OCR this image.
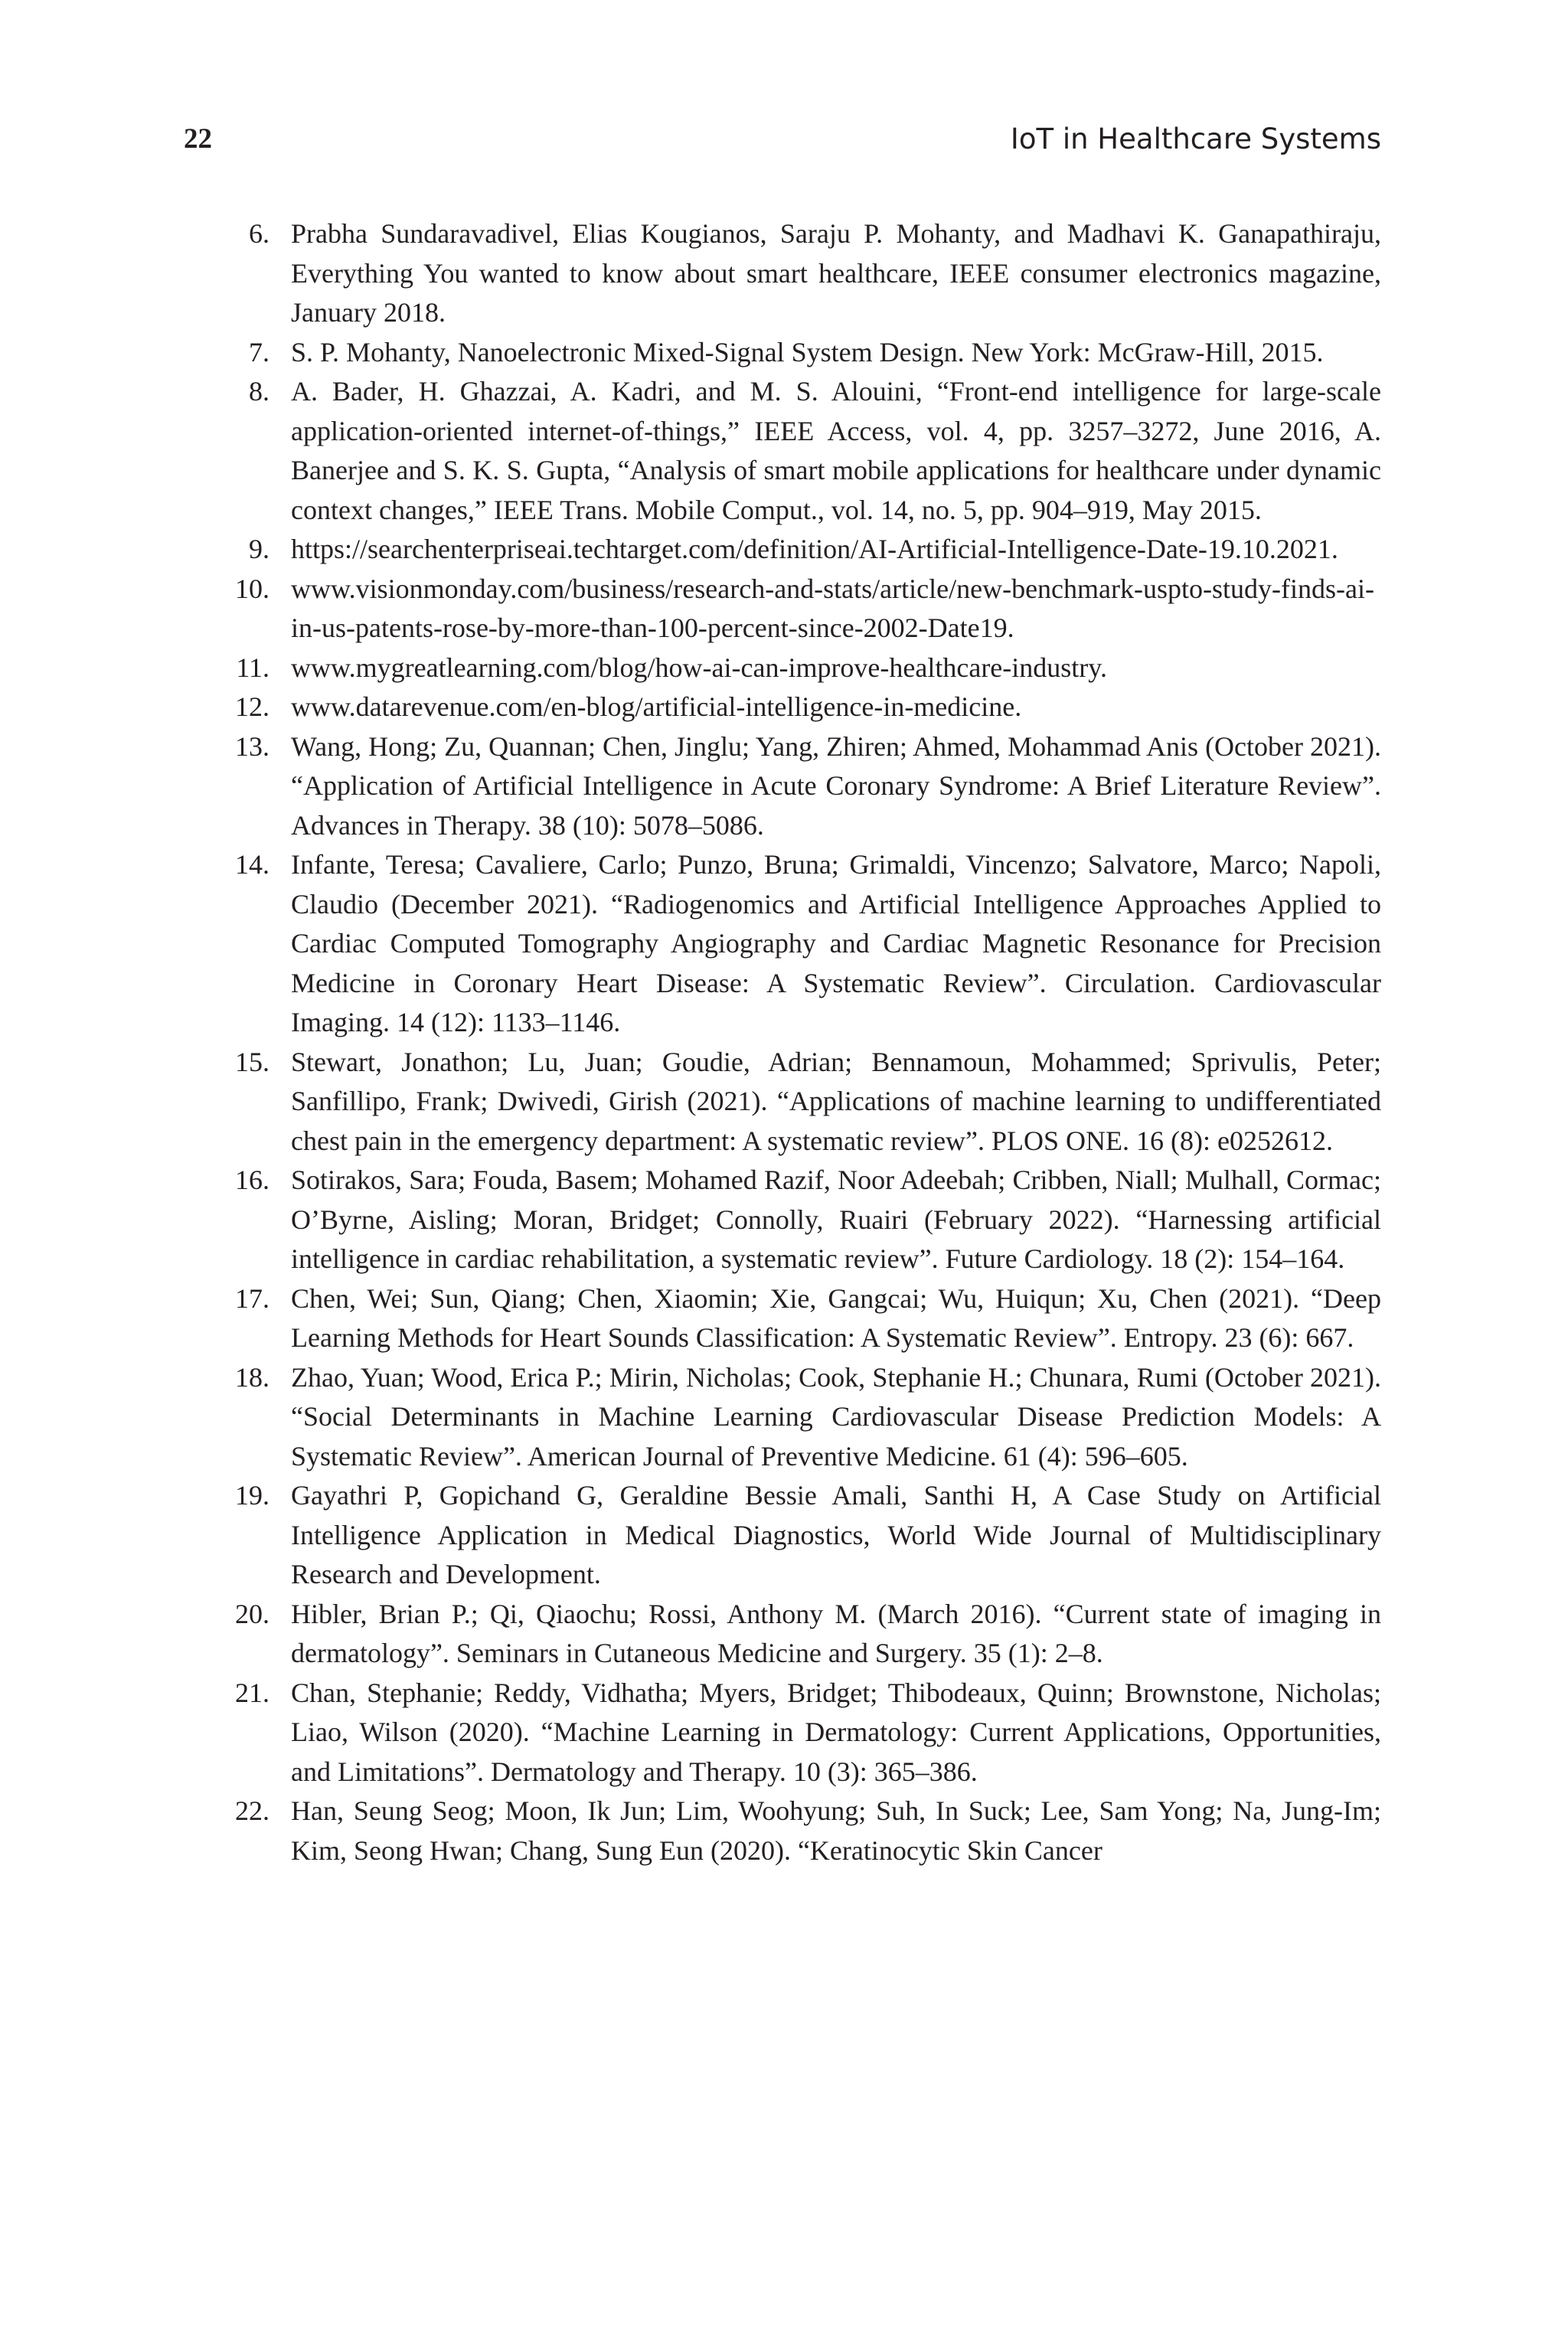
22	IoT in Healthcare Systems
6. Prabha Sundaravadivel, Elias Kougianos, Saraju P. Mohanty, and Madhavi K. Ganapathiraju, Everything You wanted to know about smart healthcare, IEEE consumer electronics magazine, January 2018.
7. S. P. Mohanty, Nanoelectronic Mixed-Signal System Design. New York: McGraw-Hill, 2015.
8. A. Bader, H. Ghazzai, A. Kadri, and M. S. Alouini, “Front-end intelligence for large-scale application-oriented internet-of-things,” IEEE Access, vol. 4, pp. 3257–3272, June 2016, A. Banerjee and S. K. S. Gupta, “Analysis of smart mobile applications for healthcare under dynamic context changes,” IEEE Trans. Mobile Comput., vol. 14, no. 5, pp. 904–919, May 2015.
9. https://searchenterpriseai.techtarget.com/definition/AI-Artificial-Intelligence-Date-19.10.2021.
10. www.visionmonday.com/business/research-and-stats/article/new-benchmark-uspto-study-finds-ai-in-us-patents-rose-by-more-than-100-percent-since-2002-Date19.
11. www.mygreatlearning.com/blog/how-ai-can-improve-healthcare-industry.
12. www.datarevenue.com/en-blog/artificial-intelligence-in-medicine.
13. Wang, Hong; Zu, Quannan; Chen, Jinglu; Yang, Zhiren; Ahmed, Mohammad Anis (October 2021). “Application of Artificial Intelligence in Acute Coronary Syndrome: A Brief Literature Review”. Advances in Therapy. 38 (10): 5078–5086.
14. Infante, Teresa; Cavaliere, Carlo; Punzo, Bruna; Grimaldi, Vincenzo; Salvatore, Marco; Napoli, Claudio (December 2021). “Radiogenomics and Artificial Intelligence Approaches Applied to Cardiac Computed Tomography Angiography and Cardiac Magnetic Resonance for Precision Medicine in Coronary Heart Disease: A Systematic Review”. Circulation. Cardiovascular Imaging. 14 (12): 1133–1146.
15. Stewart, Jonathon; Lu, Juan; Goudie, Adrian; Bennamoun, Mohammed; Sprivulis, Peter; Sanfillipo, Frank; Dwivedi, Girish (2021). “Applications of machine learning to undifferentiated chest pain in the emergency department: A systematic review”. PLOS ONE. 16 (8): e0252612.
16. Sotirakos, Sara; Fouda, Basem; Mohamed Razif, Noor Adeebah; Cribben, Niall; Mulhall, Cormac; O’Byrne, Aisling; Moran, Bridget; Connolly, Ruairi (February 2022). “Harnessing artificial intelligence in cardiac rehabilitation, a systematic review”. Future Cardiology. 18 (2): 154–164.
17. Chen, Wei; Sun, Qiang; Chen, Xiaomin; Xie, Gangcai; Wu, Huiqun; Xu, Chen (2021). “Deep Learning Methods for Heart Sounds Classification: A Systematic Review”. Entropy. 23 (6): 667.
18. Zhao, Yuan; Wood, Erica P.; Mirin, Nicholas; Cook, Stephanie H.; Chunara, Rumi (October 2021). “Social Determinants in Machine Learning Cardiovascular Disease Prediction Models: A Systematic Review”. American Journal of Preventive Medicine. 61 (4): 596–605.
19. Gayathri P, Gopichand G, Geraldine Bessie Amali, Santhi H, A Case Study on Artificial Intelligence Application in Medical Diagnostics, World Wide Journal of Multidisciplinary Research and Development.
20. Hibler, Brian P.; Qi, Qiaochu; Rossi, Anthony M. (March 2016). “Current state of imaging in dermatology”. Seminars in Cutaneous Medicine and Surgery. 35 (1): 2–8.
21. Chan, Stephanie; Reddy, Vidhatha; Myers, Bridget; Thibodeaux, Quinn; Brownstone, Nicholas; Liao, Wilson (2020). “Machine Learning in Dermatology: Current Applications, Opportunities, and Limitations”. Dermatology and Therapy. 10 (3): 365–386.
22. Han, Seung Seog; Moon, Ik Jun; Lim, Woohyung; Suh, In Suck; Lee, Sam Yong; Na, Jung-Im; Kim, Seong Hwan; Chang, Sung Eun (2020). “Keratinocytic Skin Cancer
